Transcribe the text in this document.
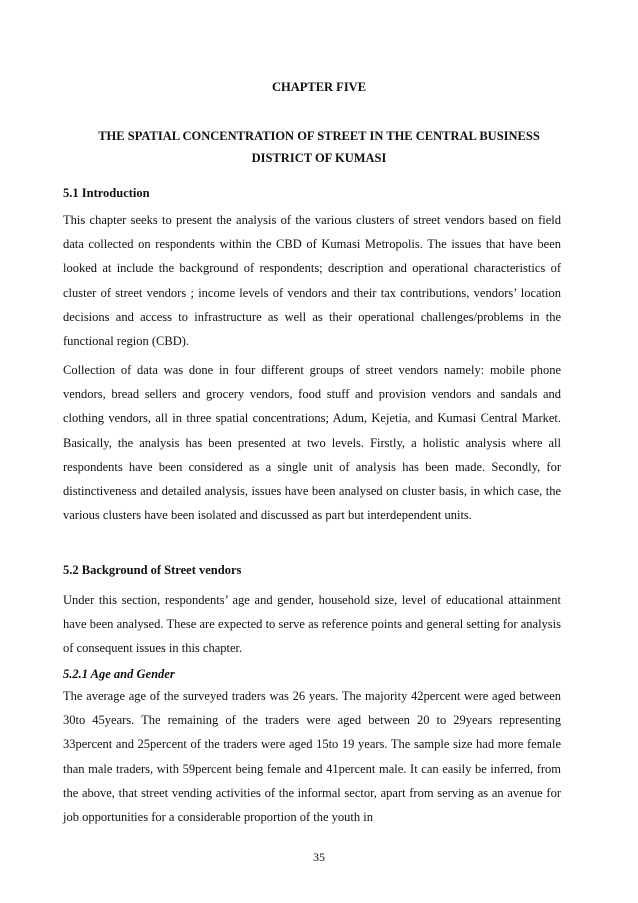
CHAPTER FIVE
THE SPATIAL CONCENTRATION OF STREET IN THE CENTRAL BUSINESS
DISTRICT OF KUMASI
5.1 Introduction

This chapter seeks to present the analysis of the various clusters of street vendors based on field data collected on respondents within the CBD of Kumasi Metropolis. The issues that have been looked at include the background of respondents; description and operational characteristics of cluster of street vendors ; income levels of vendors and their tax contributions, vendors’ location decisions and access to infrastructure as well as their operational challenges/problems in the functional region (CBD).

Collection of data was done in four different groups of street vendors namely: mobile phone vendors, bread sellers and grocery vendors, food stuff and provision vendors and sandals and clothing vendors, all in three spatial concentrations; Adum, Kejetia, and Kumasi Central Market. Basically, the analysis has been presented at two levels. Firstly, a holistic analysis where all respondents have been considered as a single unit of analysis has been made. Secondly, for distinctiveness and detailed analysis, issues have been analysed on cluster basis, in which case, the various clusters have been isolated and discussed as part but interdependent units.

5.2 Background of Street vendors

Under this section, respondents’ age and gender, household size, level of educational attainment have been analysed. These are expected to serve as reference points and general setting for analysis of consequent issues in this chapter.

5.2.1 Age and Gender

The average age of the surveyed traders was 26 years. The majority 42percent were aged between 30to 45years. The remaining of the traders were aged between 20 to 29years representing 33percent and 25percent of the traders were aged 15to 19 years. The sample size had more female than male traders, with 59percent being female and 41percent male. It can easily be inferred, from the above, that street vending activities of the informal sector, apart from serving as an avenue for job opportunities for a considerable proportion of the youth in

35
